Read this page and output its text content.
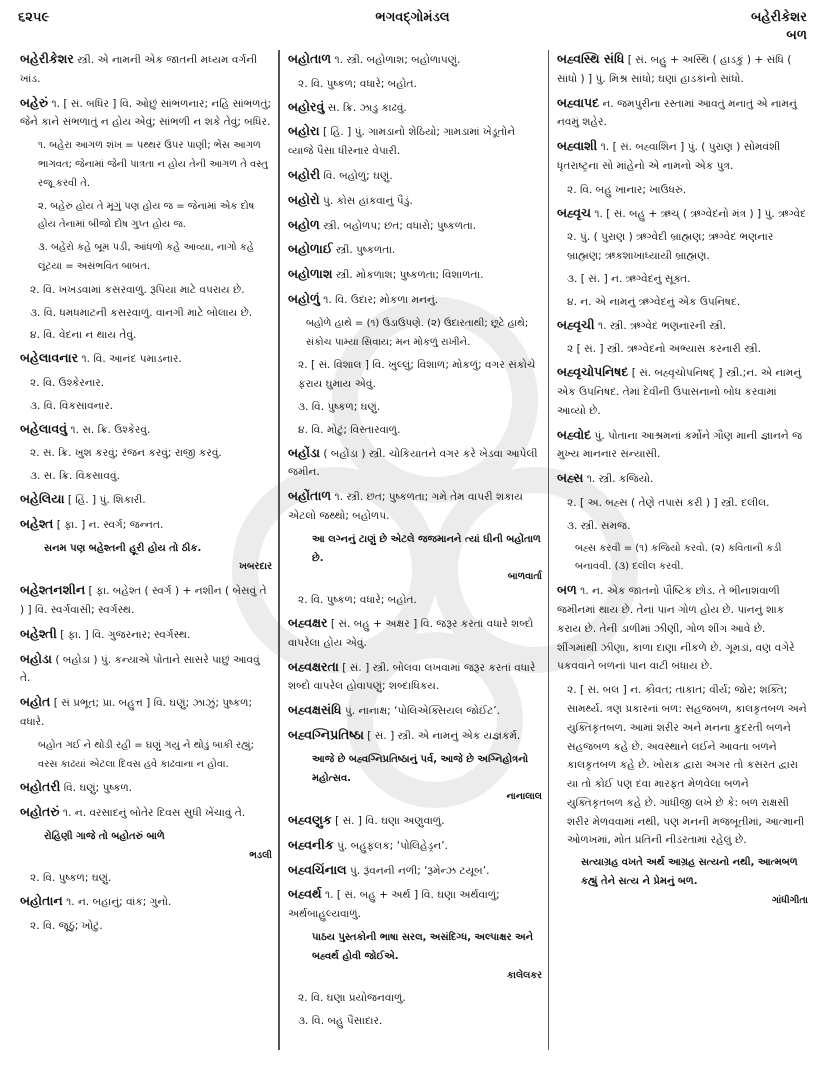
૬૨૫૯	ભગવદ્ગોમંડલ	બહેરીકેશર
બળ
બહેરીકેશર સ્ત્રી. એ નામની એક જાતની મધ્યમ વર્ગની ખાંડ.
બહેરું ૧. [ સં. બધિર ] વિ. ઓછું સાંભળનાર; નહિ સાંભળતું; જેને કાને સંભળાતું ન હોય એવું; સાંભળી ન શકે તેવું; બધિર.
૧. બહેરા આગળ શંખ = પથ્થર ઉપર પાણી; ભેંસ આગળ ભાગવત; જેનામાં જેની પાત્રતા ન હોય તેની આગળ તે વસ્તુ રજૂ કરવી તે.
૨. બહેરું હોય તે મૂંગું પણ હોય જ = જેનામાં એક દોષ હોય તેનામાં બીજો દોષ ગુપ્ત હોય જ.
૩. બહેરો કહે બૂમ પડી, આંધળો કહે આવ્યા, નાગો કહે લૂંટયા = અસંભવિત બાબત.
૨. વિ. ખખડવામાં કસરવાળું. રૂપિયા માટે વપરાય છે.
૩. વિ. ધમધમાટની કસરવાળું. વાનગી માટે બોલાય છે.
૪. વિ. વેદના ન થાય તેવું.
બહેલાવનાર ૧. વિ. આનંદ પમાડનાર.
૨. વિ. ઉશ્કેરનાર.
૩. વિ. વિકસાવનાર.
બહેલાવવું ૧. સ. ક્રિ. ઉશ્કેરવું.
૨. સ. ક્રિ. ખુશ કરવું; રંજન કરવું; રાજી કરવું.
૩. સ. ક્રિ. વિકસાવવું.
બહેલિયા [ હિં. ] પું. શિકારી.
બહેશ્ત [ ફા. ] ન. સ્વર્ગ; જન્નત.
સનમ પણ બહેશ્તની હૂરી હોય તો ઠીક.
ખબરદાર
બહેશ્તનશીન [ ફા. બહેશ્ત ( સ્વર્ગ ) + નશીન ( બેસવું તે ) ] વિ. સ્વર્ગવાસી; સ્વર્ગસ્થ.
બહેશ્તી [ ફા. ] વિ. ગુજરનાર; સ્વર્ગસ્થ.
બહોડા ( બહોડા ) પું. કન્યાએ પોતાને સાસરે પાછું આવવું તે.
બહોત [ સં પ્રભૂત; પ્રા. બહુત્ત ] વિ. ઘણું; ઝાઝું; પુષ્કળ; વધારે.
બહોત ગઈ ને થોડી રહી = ઘણું ગયું ને થોડું બાકી રહ્યું; વરસ કાઢયાં એટલા દિવસ હવે કાઢવાના ન હોવા.
બહોતરી વિ. ઘણું; પુષ્કળ.
બહોતરું ૧. ન. વરસાદનું બોતેર દિવસ સુધી ખેંચાવું તે.
રોહિણી ગાજે તો બહોતરું બાળે
ભડલી
૨. વિ. પુષ્કળ; ઘણું.
બહોતાન ૧. ન. બહાનું; વાંક; ગુનો.
૨. વિ. જૂઠું; ખોટું.
બહોતાળ ૧. સ્ત્રી. બહોળાશ; બહોળાપણું.
૨. વિ. પુષ્કળ; વધારે; બહોત.
બહોરવું સ. ક્રિ. ઝાડુ કાઢવું.
બહોરા [ હિં. ] પું. ગામડાનો શેઠિયો; ગામડામાં ખેડૂતોને વ્યાજે પૈસા ધીરનાર વેપારી.
બહોરી વિ. બહોળું; ઘણું.
બહોરો પું. કોસ હાંકવાનું પૈડું.
બહોળ સ્ત્રી. બહોળપ; છત; વધારો; પુષ્કળતા.
બહોળાઈ સ્ત્રી. પુષ્કળતા.
બહોળાશ સ્ત્રી. મોકળાશ; પુષ્કળતા; વિશાળતા.
બહોળું ૧. વિ. ઉદાર; મોકળા મનનું.
બહોળે હાથે = (૧) ઉડાઉપણે. (૨) ઉદારતાથી; છૂટે હાથે; સંકોચ પામ્યા સિવાય; મન મોકળું રાખીને.
૨. [ સં. વિશાલ ] વિ. ખુલ્લું; વિશાળ; મોકળું; વગર સંકોચે ફરાય ઘુમાય એવું.
૩. વિ. પુષ્કળ; ઘણું.
૪. વિ. મોટું; વિસ્તારવાળું.
બહોંડા ( બહોંડા ) સ્ત્રી. ચોકિયાતને વગર કરે ખેડવા આપેલી જમીન.
બહોંતાળ ૧. સ્ત્રી. છત; પુષ્કળતા; ગમે તેમ વાપરી શકાય એટલો જથ્થો; બહોળપ.
આ લગ્નનું ટાણું છે એટલે જજમાનને ત્યાં ઘીની બહોંતાળ છે.
બાળવાર્તા
૨. વિ. પુષ્કળ; વધારે; બહોત.
બહ્વક્ષર [ સં. બહુ + અક્ષર ] વિ. જરૂર કરતાં વધારે શબ્દો વાપરેલા હોય એવું.
બહ્વક્ષરતા [ સં. ] સ્ત્રી. બોલવા લખવામાં જરૂર કરતાં વધારે શબ્દો વાપરેલ હોવાપણું; શબ્દાધિકય.
બહ્વક્ષસંધિ પું. નાનાક્ષ; ‘પોલિએક્સિયલ જોઈંટ’.
બહ્વગ્નિપ્રતિષ્ઠા [ સં. ] સ્ત્રી. એ નામનું એક યજ્ઞકર્મ.
આજે છે બહ્વગ્નિપ્રતિષ્ઠાનું પર્વ, આજે છે અગ્નિહોત્રનો મહોત્સવ.
નાનાલાલ
બહ્વણુક [ સં. ] વિ. ઘણા અણુવાળું.
બહ્વનીક પું. બહુફલક; ‘પોલિહેડ્રન’.
બહ્વચિંનાલ પું. રૂંવનની નળી; ‘રૂમેન્ઝ ટયૂબ’.
બહ્વર્થ ૧. [ સં. બહુ + અર્થ ] વિ. ઘણા અર્થવાળું; અર્થબાહુલ્યવાળું.
પાઠય પુસ્તકોની ભાષા સરલ, અસંદિગ્ધ, અલ્પાક્ષર અને બહ્વર્થ હોવી જોઈએ.
કાલેલકર
૨. વિ. ઘણા પ્રયોજનવાળું.
૩. વિ. બહુ પૈસાદાર.
બહ્વસ્થિ સંધિ [ સં. બહુ + અસ્થિ ( હાડકું ) + સંધિ ( સાંધો ) ] પું. મિશ્ર સાંધો; ઘણાં હાડકાંનો સાંધો.
બહ્વાપદ ન. જમપુરીના રસ્તામાં આવતું મનાતું એ નામનું નવમું શહેર.
બહ્વાશી ૧. [ સં. બહ્વાશિન ] પું. ( પુરાણ ) સોમવંશી ધૃતરાષ્ટ્રના સો માંહેનો એ નામનો એક પુત્ર.
૨. વિ. બહુ ખાનાર; ખાઉધરું.
બહ્વૃચ ૧. [ સં. બહુ + ઋચ્ ( ઋગ્વેદનો મંત્ર ) ] પું. ઋગ્વેદ
૨. પું. ( પુરાણ ) ઋગ્વેદી બ્રાહ્મણ; ઋગ્વેદ ભણનાર બ્રાહ્મણ; ઋકશાખાધ્યાયી બ્રાહ્મણ.
૩. [ સં. ] ન. ઋગ્વેદનું સૂક્ત.
૪. ન. એ નામનું ઋગ્વેદનું એક ઉપનિષદ.
બહ્વૃચી ૧. સ્ત્રી. ઋગ્વેદ ભણનારની સ્ત્રી.
૨ [ સં. ] સ્ત્રી. ઋગ્વેદનો અભ્યાસ કરનારી સ્ત્રી.
બહ્વૃચોપનિષદ [ સં. બહ્વૃચોપનિષદ્ ] સ્ત્રી.;ન. એ નામનું એક ઉપનિષદ. તેમાં દેવીની ઉપાસનાનો બોધ કરવામાં આવ્યો છે.
બહ્વોદ પું. પોતાના આશ્રમનાં કર્મોને ગૌણ માની જ્ઞાનને જ મુખ્ય માનનાર સંન્યાસી.
બહ્સ ૧. સ્ત્રી. કજિયો.
૨. [ અ. બહ્સ ( તેણે તપાસ કરી ) ] સ્ત્રી. દલીલ.
૩. સ્ત્રી. સમજ.
બહ્સ કરવી = (૧) કજિયો કરવો. (૨) કવિતાની કડી બનાવવી. (૩) દલીલ કરવી.
બળ ૧. ન. એક જાતનો પૌષ્ટિક છોડ. તે ભીનાશવાળી જમીનમાં થાય છે. તેનાં પાન ગોળ હોય છે. પાનનું શાક કરાય છે. તેની ડાળીમાં ઝીણી, ગોળ શીંગ આવે છે. શીંગમાંથી ઝીણા, કાળા દાણા નીકળે છે. ગૂમડાં, વણ વગેરે પકવવાને બળનાં પાન વાટી બંધાય છે.
૨. [ સં. બલ ] ન. કૌવત; તાકાત; વીર્ય; જોર; શક્તિ; સામર્થ્ય. ત્રણ પ્રકારનાં બળ: સહજબળ, કાલકૃતબળ અને યુક્તિકૃતબળ. આમાં શરીર અને મનના કુદરતી બળને સહજબળ કહે છે. અવસ્થાને લઈને આવતા બળને કાલકૃતબળ કહે છે. ખોરાક દ્વારા અગર તો કસરત દ્વારા યા તો કોઈ પણ દવા મારફત મેળવેલા બળને યુક્તિકૃતબળ કહે છે. ગાંધીજી લખે છે કે: બળ રાક્ષસી શરીર મેળવવામાં નથી, પણ મનની મજબૂતીમાં, આત્માની ઓળખમાં, મોત પ્રતિની નીડરતામાં રહેલું છે.
સત્યાગ્રહ વખતે અર્થ આગ્રહ સત્યનો નથી, આત્મબળ કહ્યું તેને સત્ય ને પ્રેમનું બળ.
ગાંધીગીતા
